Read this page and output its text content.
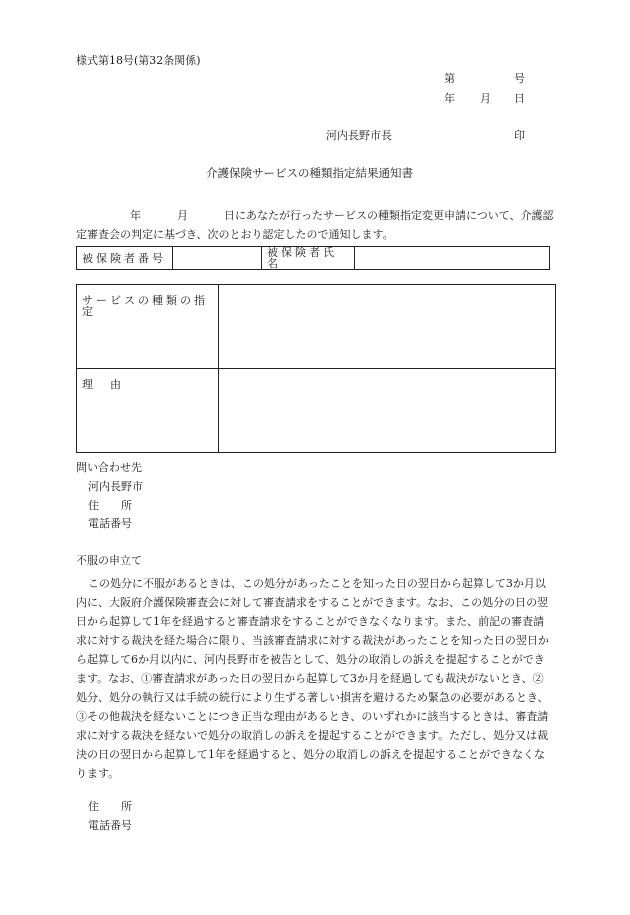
様式第18号(第32条関係)
第	号
年 月 日
河内長野市長	印
介護保険サービスの種類指定結果通知書
年	月	日にあなたが行ったサービスの種類指定変更申請について、介護認定審査会の判定に基づき、次のとおり認定したので通知します。
被保険者番号		被保険者氏名	
サービスの種類の指定	
理　由	
問い合わせ先
河内長野市
住　　所
電話番号
不服の申立て
この処分に不服があるときは、この処分があったことを知った日の翌日から起算して3か月以内に、大阪府介護保険審査会に対して審査請求をすることができます。なお、この処分の日の翌日から起算して1年を経過すると審査請求をすることができなくなります。また、前記の審査請求に対する裁決を経た場合に限り、当該審査請求に対する裁決があったことを知った日の翌日から起算して6か月以内に、河内長野市を被告として、処分の取消しの訴えを提起することができます。なお、①審査請求があった日の翌日から起算して3か月を経過しても裁決がないとき、②処分、処分の執行又は手続の続行により生ずる著しい損害を避けるため緊急の必要があるとき、③その他裁決を経ないことにつき正当な理由があるとき、のいずれかに該当するときは、審査請求に対する裁決を経ないで処分の取消しの訴えを提起することができます。ただし、処分又は裁決の日の翌日から起算して1年を経過すると、処分の取消しの訴えを提起することができなくなります。
住　　所
電話番号
